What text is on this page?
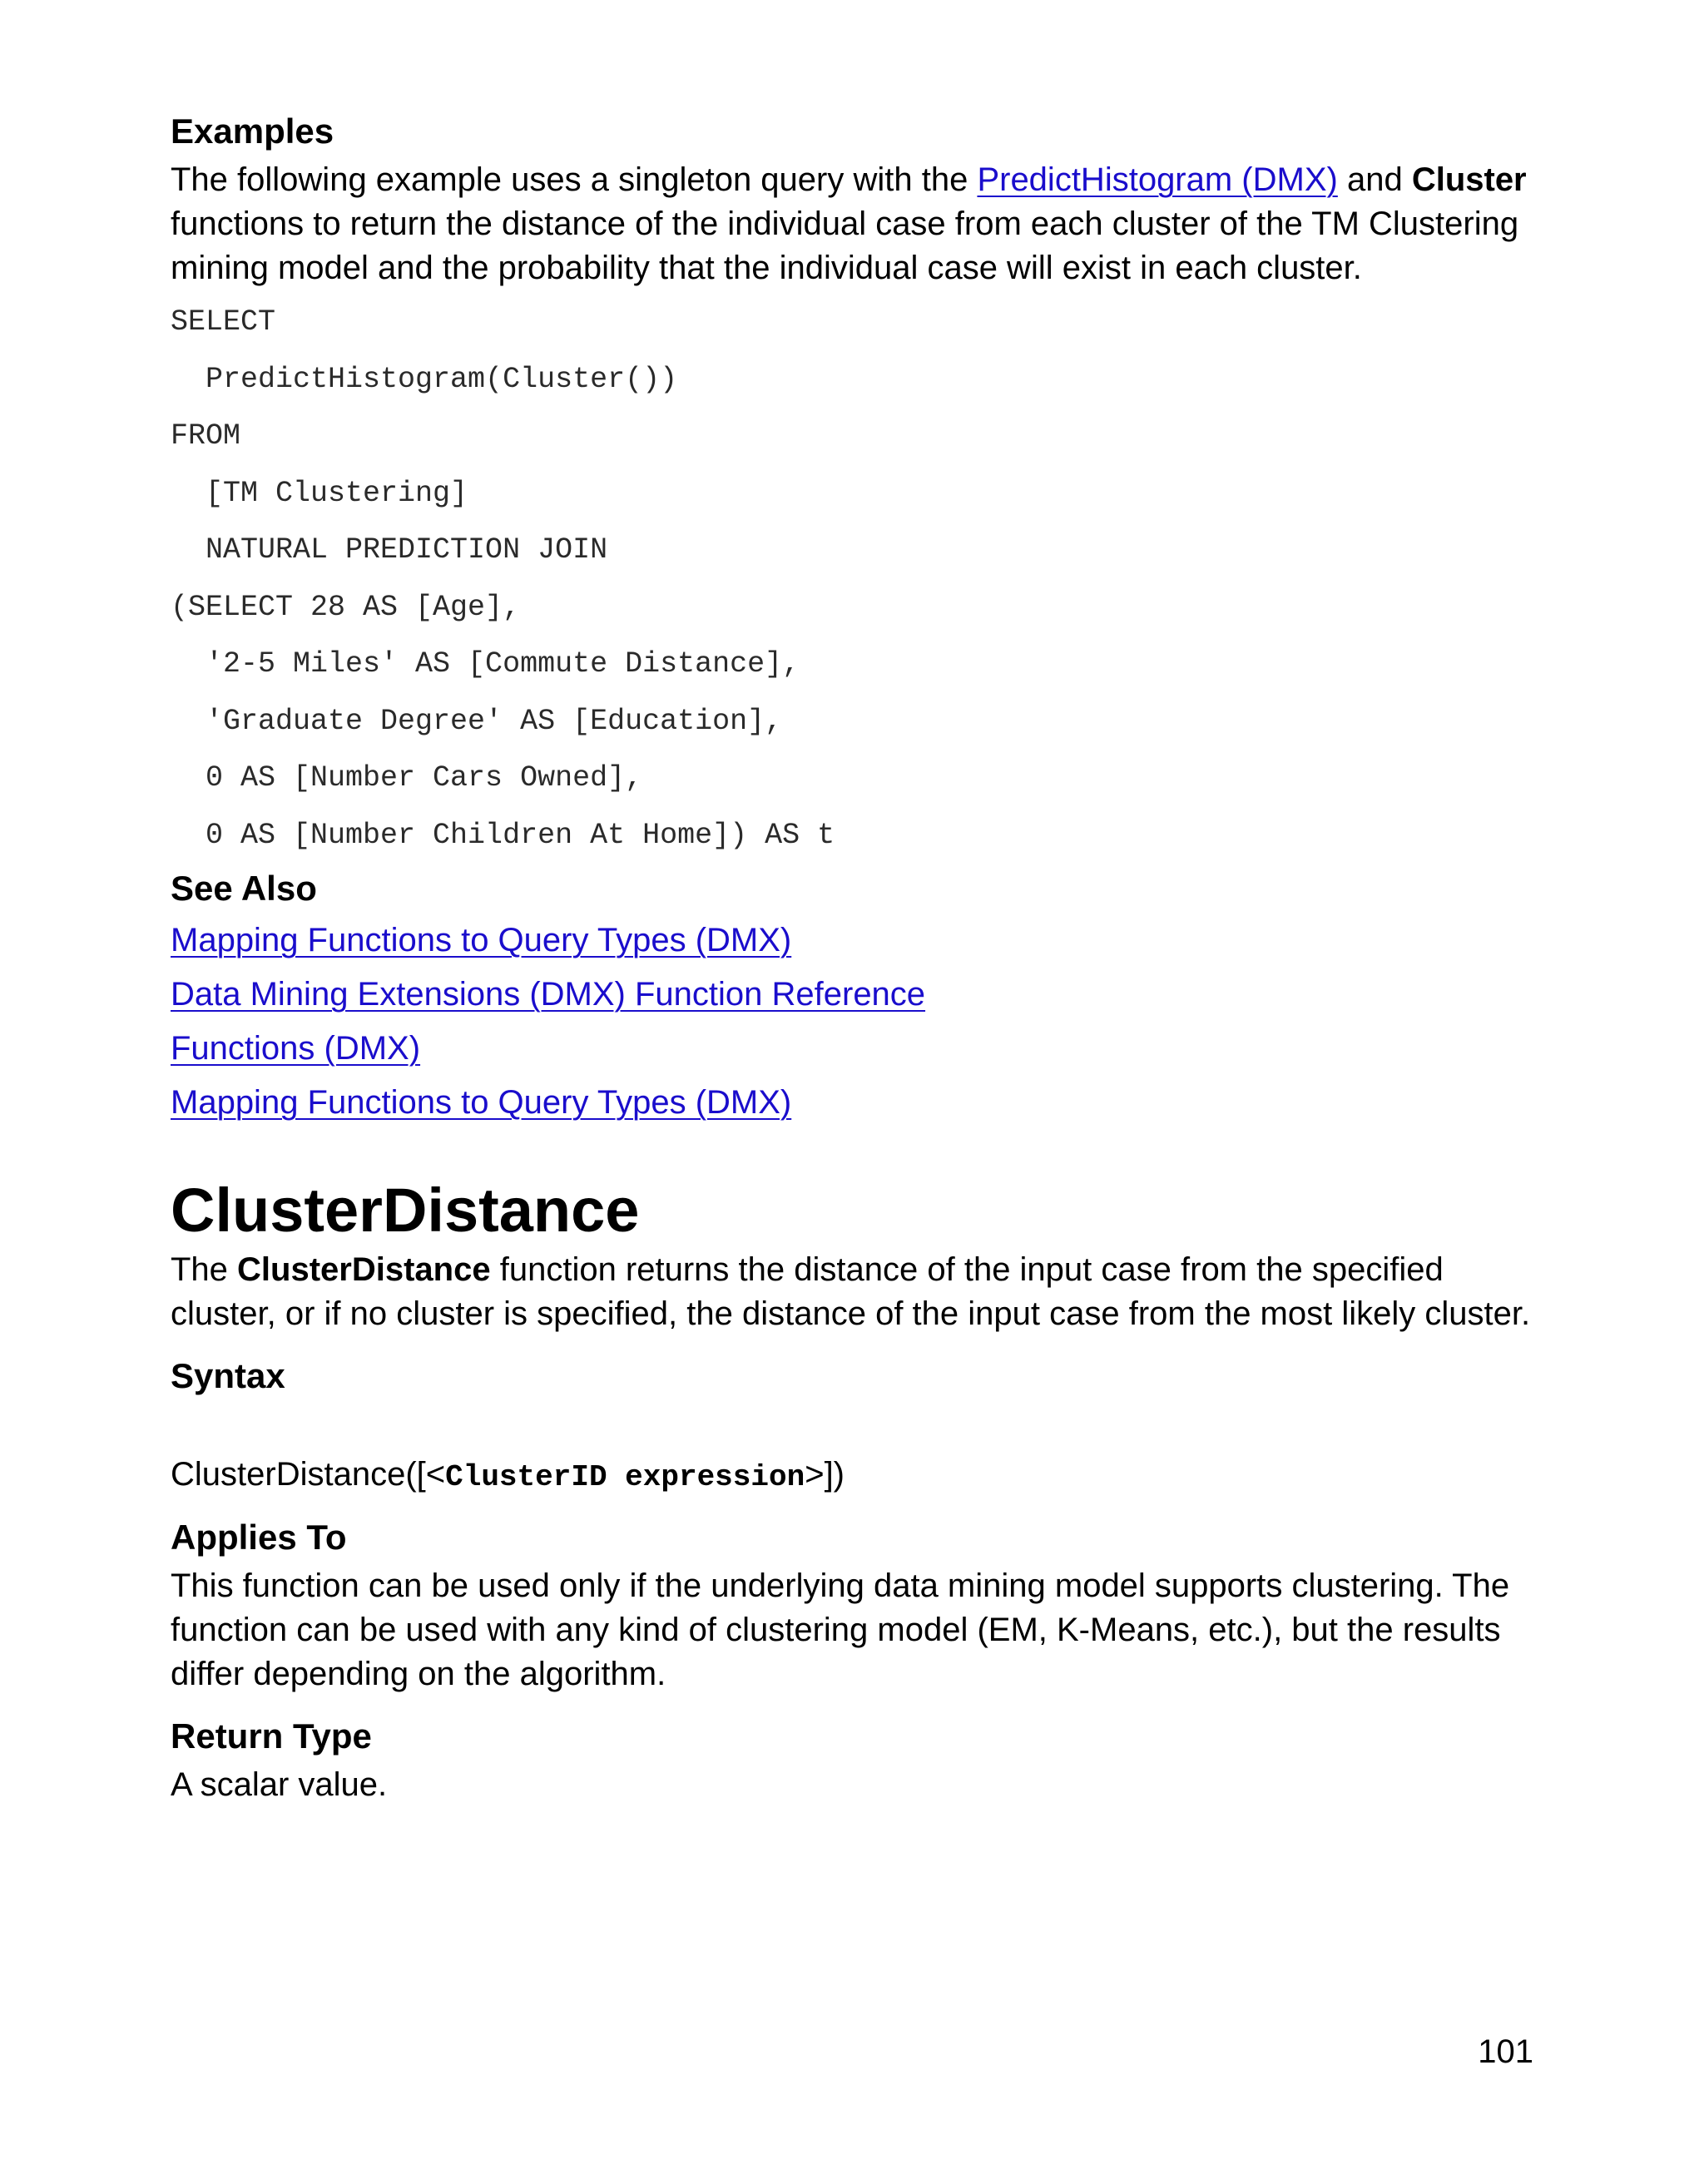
Examples

The following example uses a singleton query with the PredictHistogram (DMX) and Cluster functions to return the distance of the individual case from each cluster of the TM Clustering mining model and the probability that the individual case will exist in each cluster.

SELECT
PredictHistogram(Cluster())
FROM
[TM Clustering]
NATURAL PREDICTION JOIN
(SELECT 28 AS [Age],
'2-5 Miles' AS [Commute Distance],
'Graduate Degree' AS [Education],
0 AS [Number Cars Owned],
0 AS [Number Children At Home]) AS t
See Also
Mapping Functions to Query Types (DMX)
Data Mining Extensions (DMX) Function Reference
Functions (DMX)
Mapping Functions to Query Types (DMX)
ClusterDistance

The ClusterDistance function returns the distance of the input case from the specified cluster, or if no cluster is specified, the distance of the input case from the most likely cluster.

Syntax

ClusterDistance([<ClusterID expression>])

Applies To

This function can be used only if the underlying data mining model supports clustering. The function can be used with any kind of clustering model (EM, K-Means, etc.), but the results differ depending on the algorithm.

Return Type

A scalar value.

101
